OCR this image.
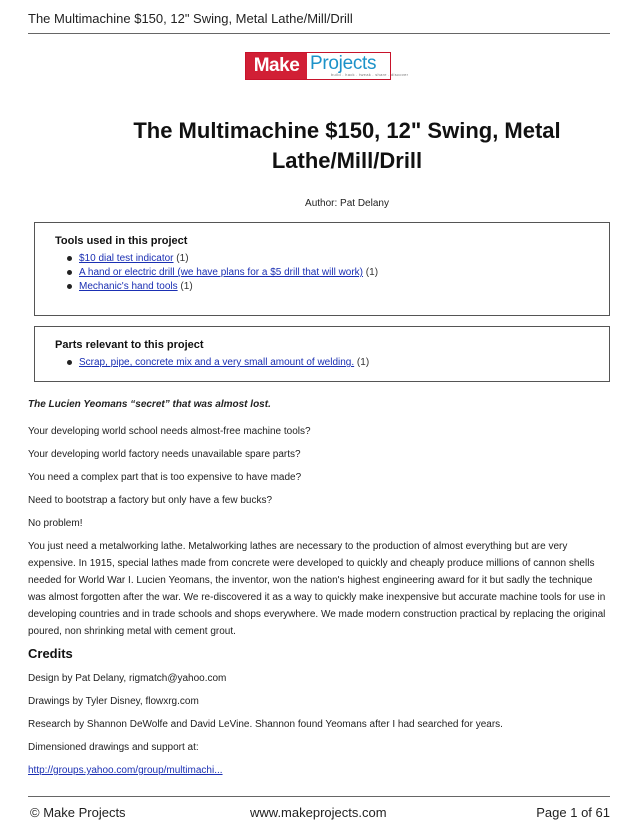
The Multimachine $150, 12" Swing, Metal Lathe/Mill/Drill
Make Projects
build . hack . tweak . share . discover
The Multimachine $150, 12" Swing, Metal Lathe/Mill/Drill
Author: Pat Delany
Tools used in this project
$10 dial test indicator (1)
A hand or electric drill (we have plans for a $5 drill that will work) (1)
Mechanic's hand tools (1)
Parts relevant to this project
Scrap, pipe, concrete mix and a very small amount of welding. (1)

The Lucien Yeomans “secret” that was almost lost.

Your developing world school needs almost-free machine tools?

Your developing world factory needs unavailable spare parts?

You need a complex part that is too expensive to have made?

Need to bootstrap a factory but only have a few bucks?

No problem!

You just need a metalworking lathe. Metalworking lathes are necessary to the production of almost everything but are very expensive. In 1915, special lathes made from concrete were developed to quickly and cheaply produce millions of cannon shells needed for World War I. Lucien Yeomans, the inventor, won the nation's highest engineering award for it but sadly the technique was almost forgotten after the war. We re-discovered it as a way to quickly make inexpensive but accurate machine tools for use in developing countries and in trade schools and shops everywhere. We made modern construction practical by replacing the original poured, non shrinking metal with cement grout.

Credits

Design by Pat Delany, rigmatch@yahoo.com

Drawings by Tyler Disney, flowxrg.com

Research by Shannon DeWolfe and David LeVine. Shannon found Yeomans after I had searched for years.

Dimensioned drawings and support at:

http://groups.yahoo.com/group/multimachi...

© Make Projects	www.makeprojects.com	Page 1 of 61
